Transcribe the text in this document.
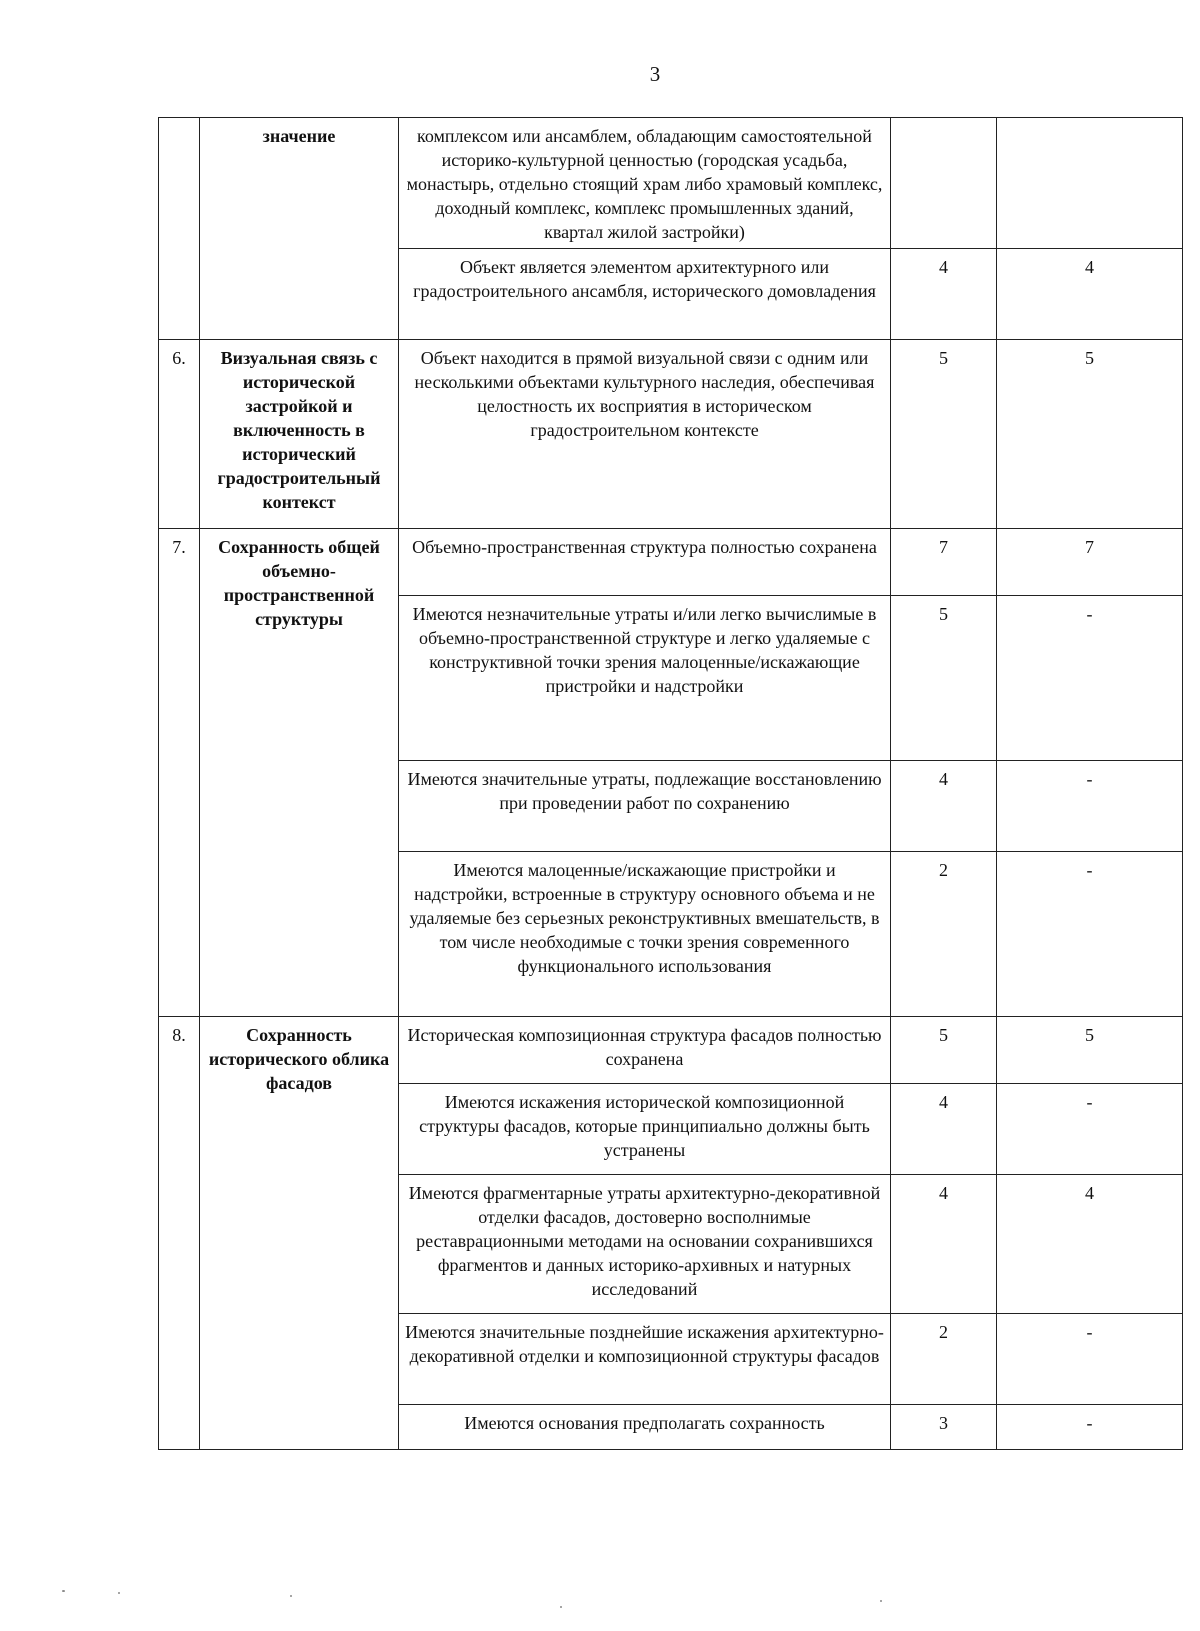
3
	значение	комплексом или ансамблем, обладающим самостоятельной историко-культурной ценностью (городская усадьба, монастырь, отдельно стоящий храм либо храмовый комплекс, доходный комплекс, комплекс промышленных зданий, квартал жилой застройки)		
		Объект является элементом архитектурного или градостроительного ансамбля, исторического домовладения	4	4
6.	Визуальная связь с исторической застройкой и включенность в исторический градостроительный контекст	Объект находится в прямой визуальной связи с одним или несколькими объектами культурного наследия, обеспечивая целостность их восприятия в историческом градостроительном контексте	5	5
7.	Сохранность общей объемно-пространственной структуры	Объемно-пространственная структура полностью сохранена	7	7
		Имеются незначительные утраты и/или легко вычислимые в объемно-пространственной структуре и легко удаляемые с конструктивной точки зрения малоценные/искажающие пристройки и надстройки	5	-
		Имеются значительные утраты, подлежащие восстановлению при проведении работ по сохранению	4	-
		Имеются малоценные/искажающие пристройки и надстройки, встроенные в структуру основного объема и не удаляемые без серьезных реконструктивных вмешательств, в том числе необходимые с точки зрения современного функционального использования	2	-
8.	Сохранность исторического облика фасадов	Историческая композиционная структура фасадов полностью сохранена	5	5
		Имеются искажения исторической композиционной структуры фасадов, которые принципиально должны быть устранены	4	-
		Имеются фрагментарные утраты архитектурно-декоративной отделки фасадов, достоверно восполнимые реставрационными методами на основании сохранившихся фрагментов и данных историко-архивных и натурных исследований	4	4
		Имеются значительные позднейшие искажения архитектурно-декоративной отделки и композиционной структуры фасадов	2	-
		Имеются основания предполагать сохранность	3	-
